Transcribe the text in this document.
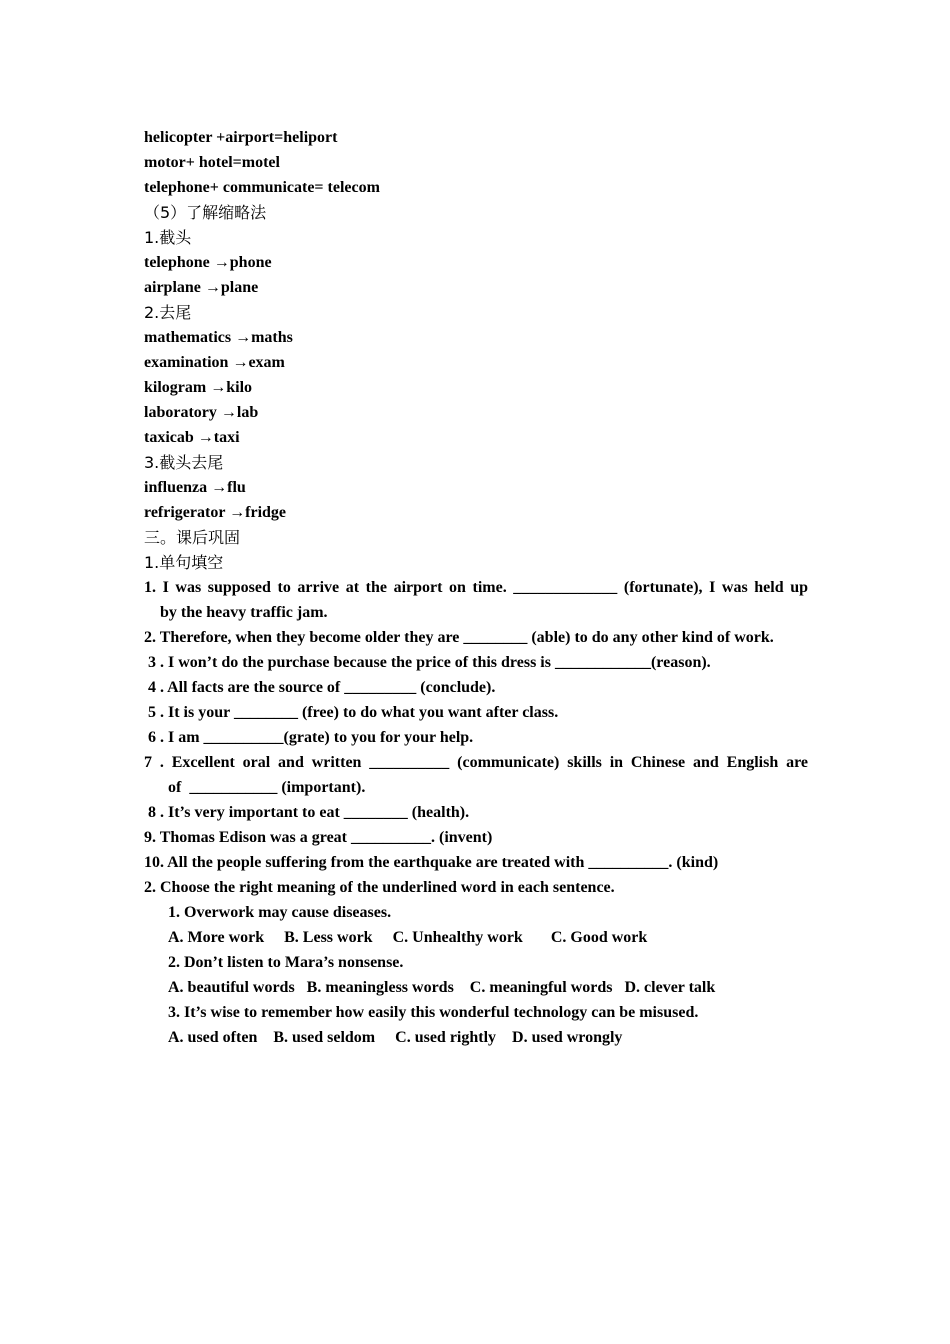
helicopter +airport=heliport
motor+ hotel=motel
telephone+ communicate= telecom
（5）了解缩略法
1.截头
telephone →phone
airplane →plane
2.去尾
mathematics →maths
examination →exam
kilogram →kilo
laboratory →lab
taxicab →taxi
3.截头去尾
influenza →flu
refrigerator →fridge
三。课后巩固
1.单句填空
1. I was supposed to arrive at the airport on time. _____________ (fortunate), I was held up
by the heavy traffic jam.
2. Therefore, when they become older they are ________ (able) to do any other kind of work.
3 . I won’t do the purchase because the price of this dress is ____________(reason).
4 . All facts are the source of _________ (conclude).
5 . It is your ________ (free) to do what you want after class.
6 . I am __________(grate) to you for your help.
7 . Excellent oral and written __________ (communicate) skills in Chinese and English are
of  ___________ (important).
8 . It’s very important to eat ________ (health).
9. Thomas Edison was a great __________. (invent)
10. All the people suffering from the earthquake are treated with __________. (kind)
2. Choose the right meaning of the underlined word in each sentence.
1. Overwork may cause diseases.
A. More work     B. Less work     C. Unhealthy work       C. Good work
2. Don’t listen to Mara’s nonsense.
A. beautiful words   B. meaningless words    C. meaningful words   D. clever talk
3. It’s wise to remember how easily this wonderful technology can be misused.
A. used often    B. used seldom     C. used rightly    D. used wrongly
